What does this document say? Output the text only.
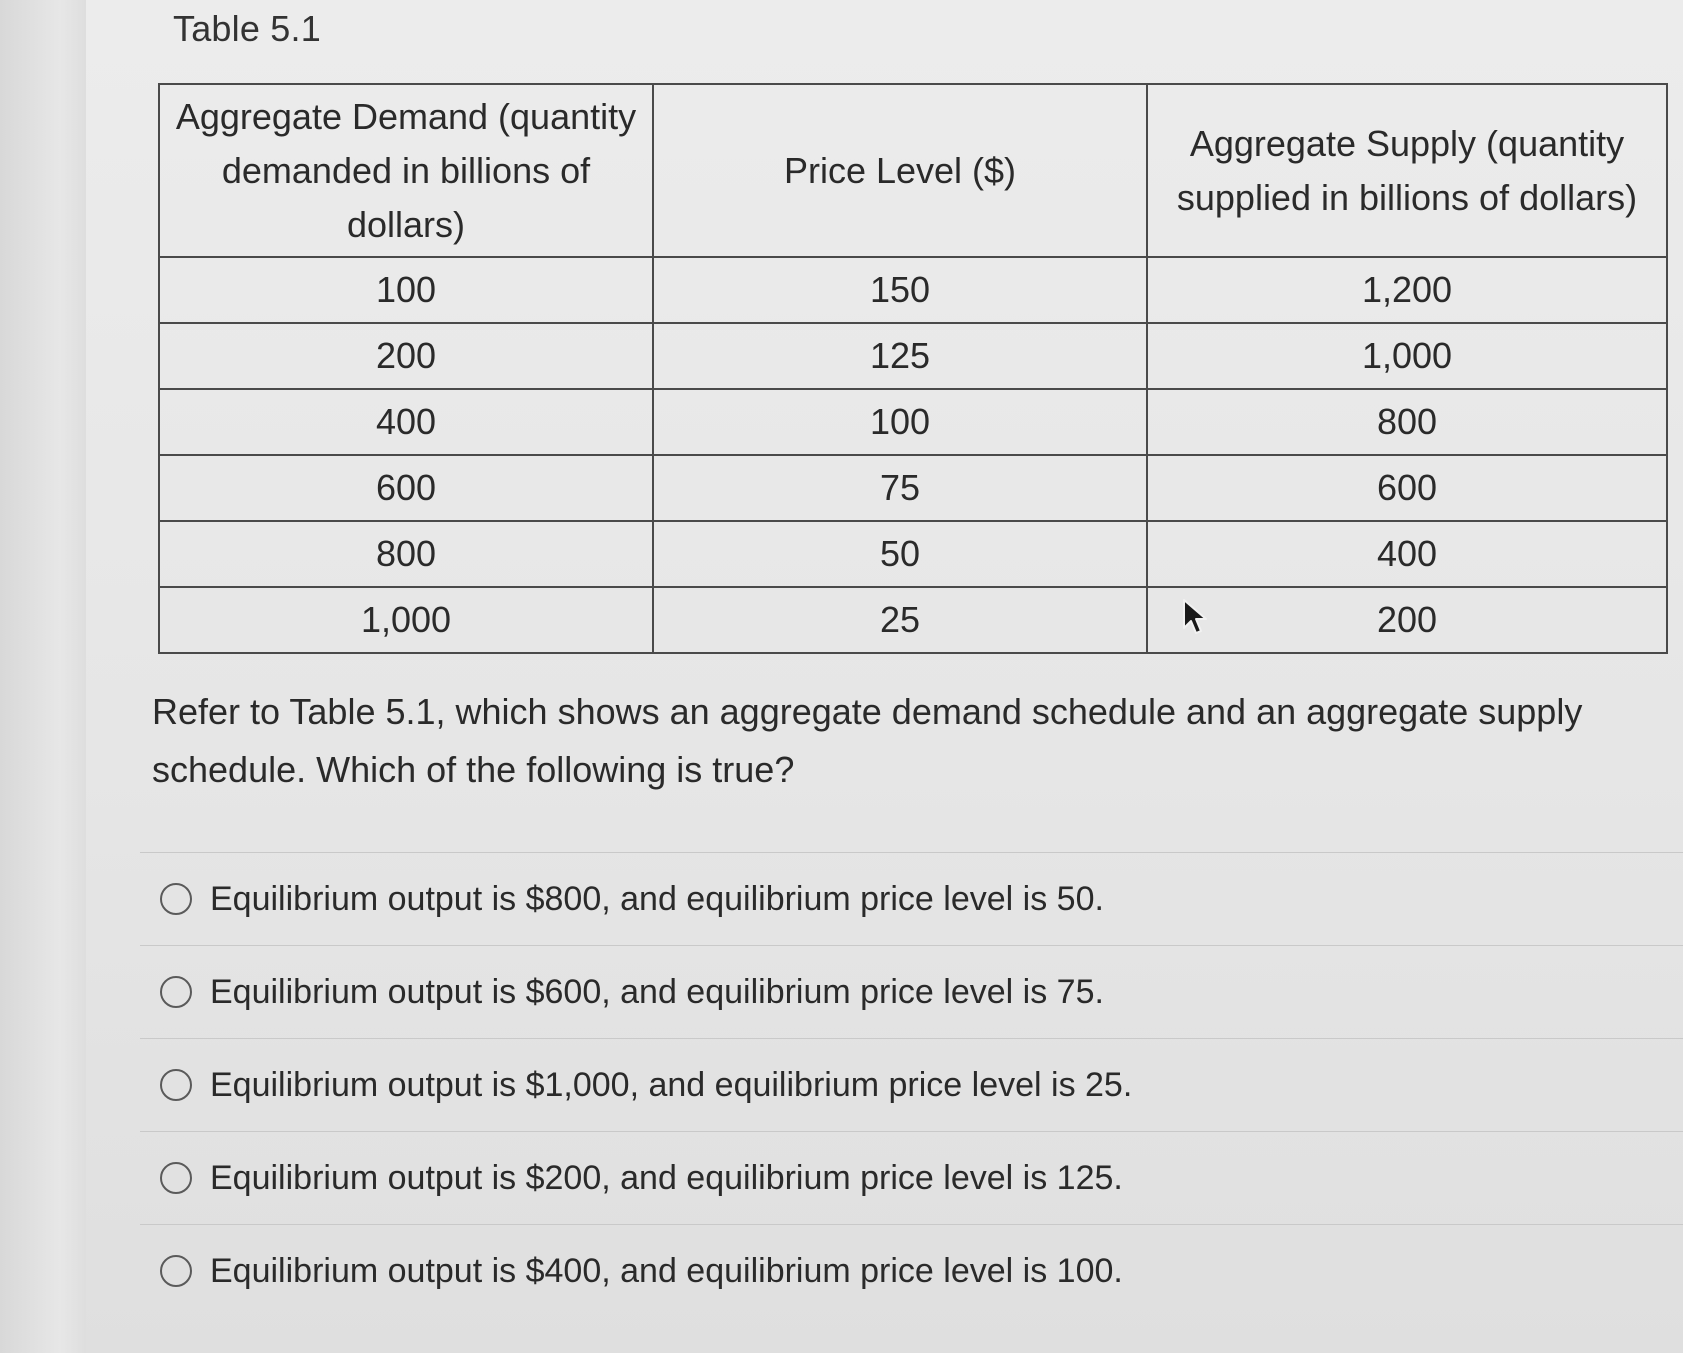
Table 5.1
Aggregate Demand (quantity demanded in billions of dollars)	Price Level ($)	Aggregate Supply (quantity supplied in billions of dollars)
100	150	1,200
200	125	1,000
400	100	800
600	75	600
800	50	400
1,000	25	200
Refer to Table 5.1, which shows an aggregate demand schedule and an aggregate supply schedule. Which of the following is true?
Equilibrium output is $800, and equilibrium price level is 50.
Equilibrium output is $600, and equilibrium price level is 75.
Equilibrium output is $1,000, and equilibrium price level is 25.
Equilibrium output is $200, and equilibrium price level is 125.
Equilibrium output is $400, and equilibrium price level is 100.
